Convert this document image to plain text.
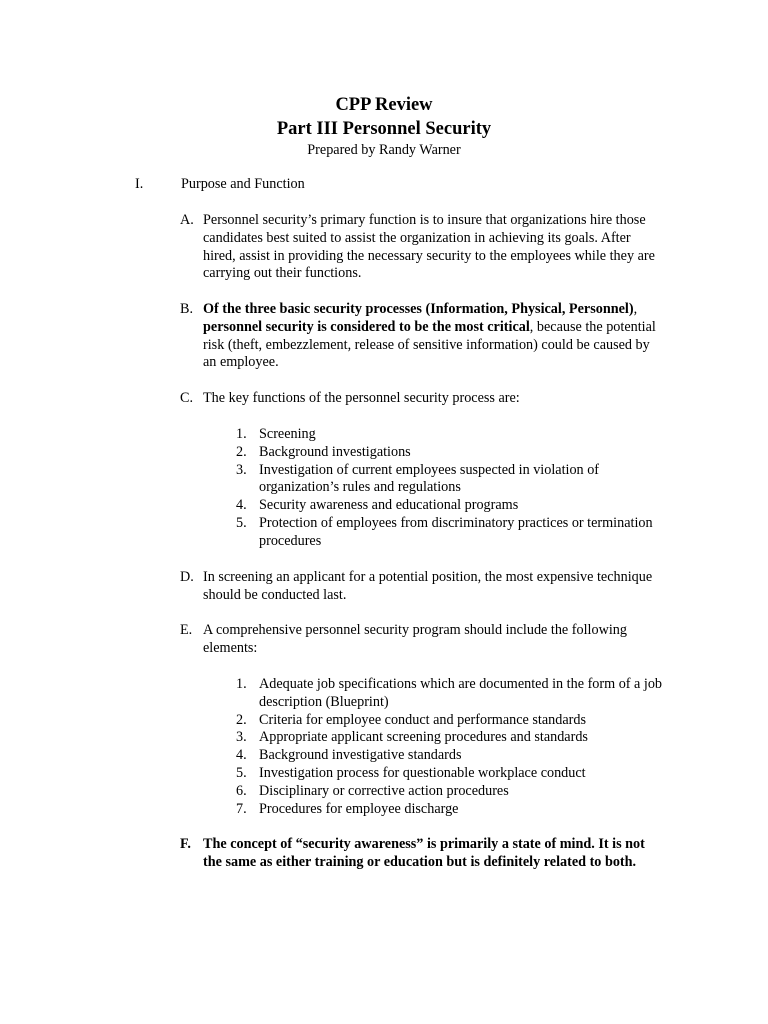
CPP Review
Part III Personnel Security
Prepared by Randy Warner
I.	Purpose and Function
A. Personnel security’s primary function is to insure that organizations hire those candidates best suited to assist the organization in achieving its goals. After hired, assist in providing the necessary security to the employees while they are carrying out their functions.

B. Of the three basic security processes (Information, Physical, Personnel), personnel security is considered to be the most critical, because the potential risk (theft, embezzlement, release of sensitive information) could be caused by an employee.

C. The key functions of the personnel security process are:

1. Screening
2. Background investigations
3. Investigation of current employees suspected in violation of organization’s rules and regulations
4. Security awareness and educational programs
5. Protection of employees from discriminatory practices or termination procedures
D. In screening an applicant for a potential position, the most expensive technique should be conducted last.

E. A comprehensive personnel security program should include the following elements:

1. Adequate job specifications which are documented in the form of a job description (Blueprint)
2. Criteria for employee conduct and performance standards
3. Appropriate applicant screening procedures and standards
4. Background investigative standards
5. Investigation process for questionable workplace conduct
6. Disciplinary or corrective action procedures
7. Procedures for employee discharge
F. The concept of “security awareness” is primarily a state of mind. It is not the same as either training or education but is definitely related to both.
